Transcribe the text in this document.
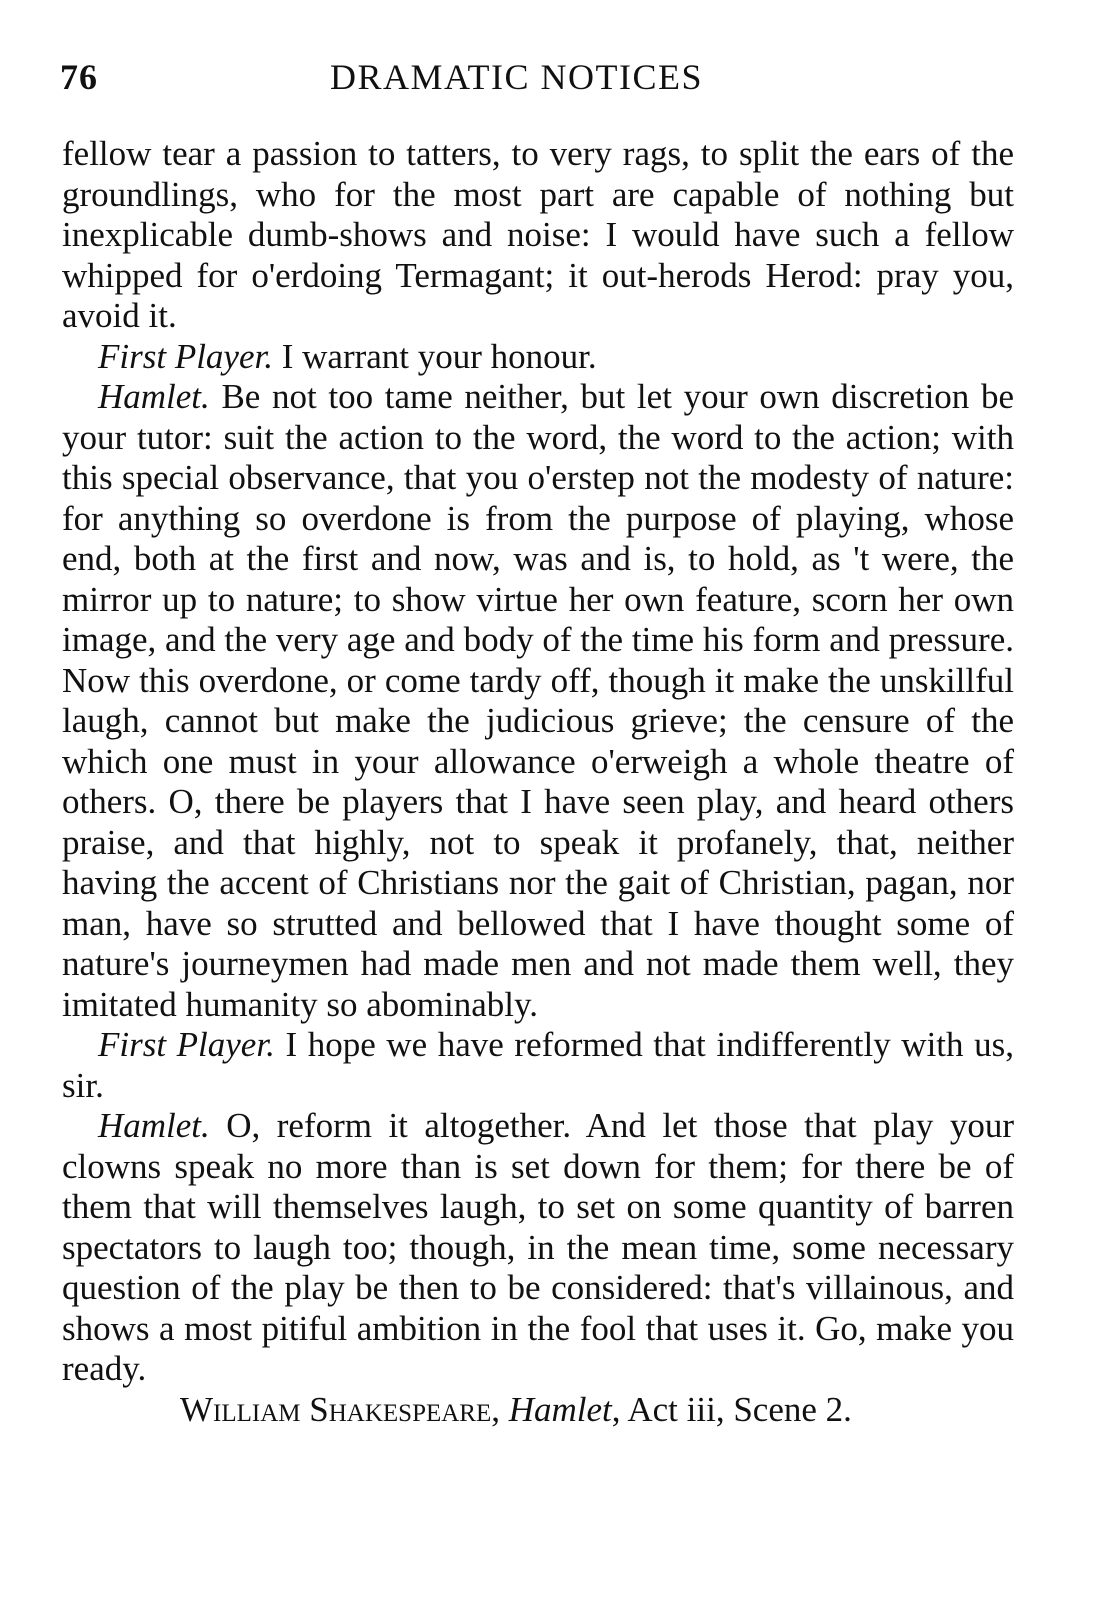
76	DRAMATIC NOTICES

fellow tear a passion to tatters, to very rags, to split the ears of the groundlings, who for the most part are capable of nothing but inexplicable dumb-shows and noise: I would have such a fellow whipped for o'erdoing Termagant; it out-herods Herod: pray you, avoid it.

First Player. I warrant your honour.

Hamlet. Be not too tame neither, but let your own discretion be your tutor: suit the action to the word, the word to the action; with this special observance, that you o'erstep not the modesty of nature: for anything so overdone is from the purpose of playing, whose end, both at the first and now, was and is, to hold, as 't were, the mirror up to nature; to show virtue her own feature, scorn her own image, and the very age and body of the time his form and pressure. Now this overdone, or come tardy off, though it make the unskillful laugh, cannot but make the judicious grieve; the censure of the which one must in your allowance o'erweigh a whole theatre of others. O, there be players that I have seen play, and heard others praise, and that highly, not to speak it profanely, that, neither having the accent of Christians nor the gait of Christian, pagan, nor man, have so strutted and bellowed that I have thought some of nature's journeymen had made men and not made them well, they imitated humanity so abominably.

First Player. I hope we have reformed that indifferently with us, sir.

Hamlet. O, reform it altogether. And let those that play your clowns speak no more than is set down for them; for there be of them that will themselves laugh, to set on some quantity of barren spectators to laugh too; though, in the mean time, some necessary question of the play be then to be considered: that's villainous, and shows a most pitiful ambition in the fool that uses it. Go, make you ready.

William Shakespeare, Hamlet, Act iii, Scene 2.
